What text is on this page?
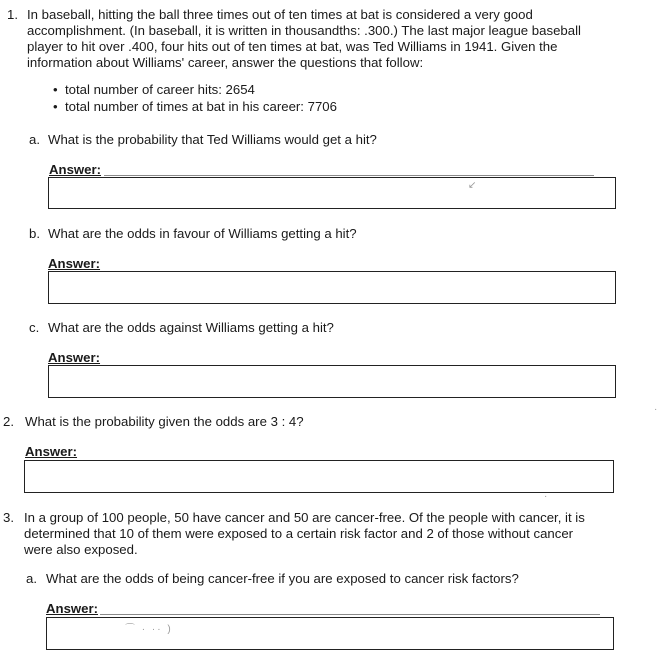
1. In baseball, hitting the ball three times out of ten times at bat is considered a very good
accomplishment. (In baseball, it is written in thousandths: .300.) The last major league baseball
player to hit over .400, four hits out of ten times at bat, was Ted Williams in 1941. Given the
information about Williams' career, answer the questions that follow:
• total number of career hits: 2654
• total number of times at bat in his career: 7706
a. What is the probability that Ted Williams would get a hit?
Answer:
↙
b. What are the odds in favour of Williams getting a hit?
Answer:
c. What are the odds against Williams getting a hit?
Answer:
2. What is the probability given the odds are 3 : 4?
Answer:
3. In a group of 100 people, 50 have cancer and 50 are cancer-free. Of the people with cancer, it is
determined that 10 of them were exposed to a certain risk factor and 2 of those without cancer
were also exposed.
a. What are the odds of being cancer-free if you are exposed to cancer risk factors?
Answer:
⌒ · ·· )
·
·
